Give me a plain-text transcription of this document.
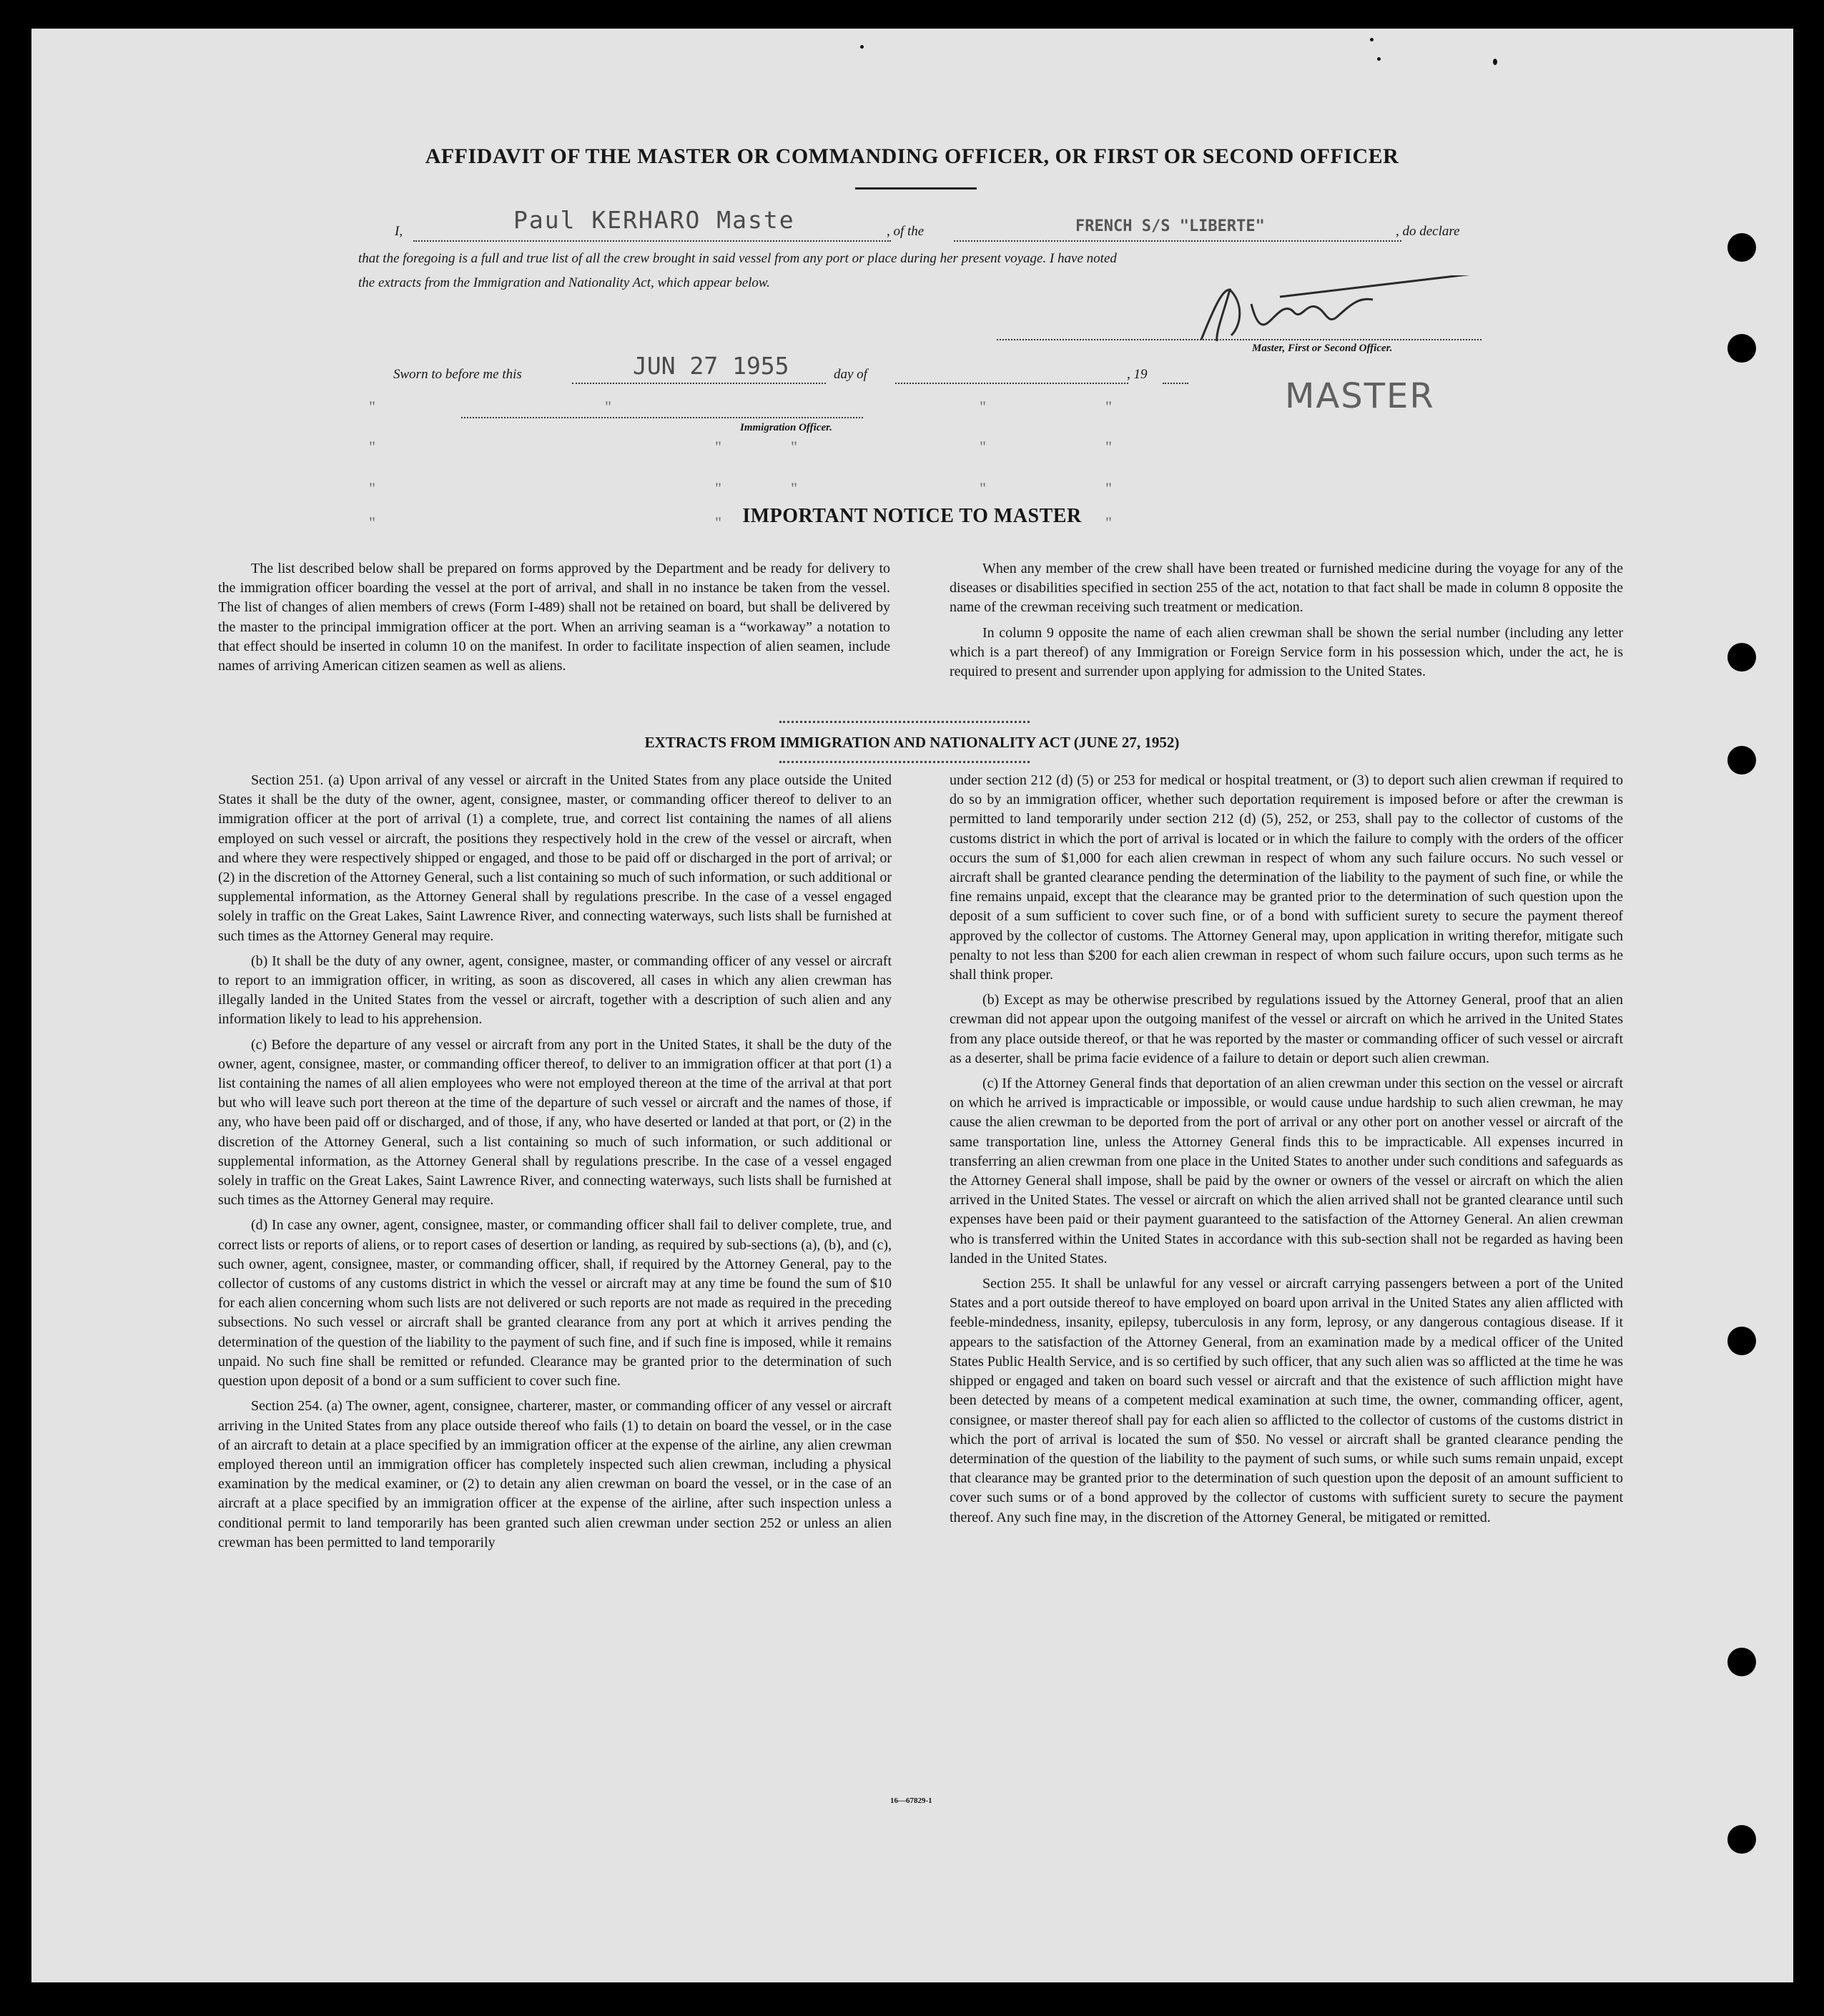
AFFIDAVIT OF THE MASTER OR COMMANDING OFFICER, OR FIRST OR SECOND OFFICER
I,	Paul KERHARO Maste	, of the	FRENCH S/S "LIBERTE"	, do declare
that the foregoing is a full and true list of all the crew brought in said vessel from any port or place during her present voyage. I have noted
the extracts from the Immigration and Nationality Act, which appear below.
Master, First or Second Officer.
MASTER
Sworn to before me this	JUN 27 1955	day of	, 19
Immigration Officer.
"
"
"
"
"
"
"
"
"
"
"
"
"
"
"
"
"
IMPORTANT NOTICE TO MASTER

The list described below shall be prepared on forms approved by the Department and be ready for delivery to the immigration officer boarding the vessel at the port of arrival, and shall in no instance be taken from the vessel. The list of changes of alien members of crews (Form I-489) shall not be retained on board, but shall be delivered by the master to the principal immigration officer at the port. When an arriving seaman is a “workaway” a notation to that effect should be inserted in column 10 on the manifest. In order to facilitate inspection of alien seamen, include names of arriving American citizen seamen as well as aliens.

When any member of the crew shall have been treated or furnished medicine during the voyage for any of the diseases or disabilities specified in section 255 of the act, notation to that fact shall be made in column 8 opposite the name of the crewman receiving such treatment or medication.

In column 9 opposite the name of each alien crewman shall be shown the serial number (including any letter which is a part thereof) of any Immigration or Foreign Service form in his possession which, under the act, he is required to present and surrender upon applying for admission to the United States.

EXTRACTS FROM IMMIGRATION AND NATIONALITY ACT (JUNE 27, 1952)

Section 251. (a) Upon arrival of any vessel or aircraft in the United States from any place outside the United States it shall be the duty of the owner, agent, consignee, master, or commanding officer thereof to deliver to an immigration officer at the port of arrival (1) a complete, true, and correct list containing the names of all aliens employed on such vessel or aircraft, the positions they respectively hold in the crew of the vessel or aircraft, when and where they were respectively shipped or engaged, and those to be paid off or discharged in the port of arrival; or (2) in the discretion of the Attorney General, such a list containing so much of such information, or such additional or supplemental information, as the Attorney General shall by regulations prescribe. In the case of a vessel engaged solely in traffic on the Great Lakes, Saint Lawrence River, and connecting waterways, such lists shall be furnished at such times as the Attorney General may require.

(b) It shall be the duty of any owner, agent, consignee, master, or commanding officer of any vessel or aircraft to report to an immigration officer, in writing, as soon as discovered, all cases in which any alien crewman has illegally landed in the United States from the vessel or aircraft, together with a description of such alien and any information likely to lead to his apprehension.

(c) Before the departure of any vessel or aircraft from any port in the United States, it shall be the duty of the owner, agent, consignee, master, or commanding officer thereof, to deliver to an immigration officer at that port (1) a list containing the names of all alien employees who were not employed thereon at the time of the arrival at that port but who will leave such port thereon at the time of the departure of such vessel or aircraft and the names of those, if any, who have been paid off or discharged, and of those, if any, who have deserted or landed at that port, or (2) in the discretion of the Attorney General, such a list containing so much of such information, or such additional or supplemental information, as the Attorney General shall by regulations prescribe. In the case of a vessel engaged solely in traffic on the Great Lakes, Saint Lawrence River, and connecting waterways, such lists shall be furnished at such times as the Attorney General may require.

(d) In case any owner, agent, consignee, master, or commanding officer shall fail to deliver complete, true, and correct lists or reports of aliens, or to report cases of desertion or landing, as required by sub-sections (a), (b), and (c), such owner, agent, consignee, master, or commanding officer, shall, if required by the Attorney General, pay to the collector of customs of any customs district in which the vessel or aircraft may at any time be found the sum of $10 for each alien concerning whom such lists are not delivered or such reports are not made as required in the preceding subsections. No such vessel or aircraft shall be granted clearance from any port at which it arrives pending the determination of the question of the liability to the payment of such fine, and if such fine is imposed, while it remains unpaid. No such fine shall be remitted or refunded. Clearance may be granted prior to the determination of such question upon deposit of a bond or a sum sufficient to cover such fine.

Section 254. (a) The owner, agent, consignee, charterer, master, or commanding officer of any vessel or aircraft arriving in the United States from any place outside thereof who fails (1) to detain on board the vessel, or in the case of an aircraft to detain at a place specified by an immigration officer at the expense of the airline, any alien crewman employed thereon until an immigration officer has completely inspected such alien crewman, including a physical examination by the medical examiner, or (2) to detain any alien crewman on board the vessel, or in the case of an aircraft at a place specified by an immigration officer at the expense of the airline, after such inspection unless a conditional permit to land temporarily has been granted such alien crewman under section 252 or unless an alien crewman has been permitted to land temporarily

under section 212 (d) (5) or 253 for medical or hospital treatment, or (3) to deport such alien crewman if required to do so by an immigration officer, whether such deportation requirement is imposed before or after the crewman is permitted to land temporarily under section 212 (d) (5), 252, or 253, shall pay to the collector of customs of the customs district in which the port of arrival is located or in which the failure to comply with the orders of the officer occurs the sum of $1,000 for each alien crewman in respect of whom any such failure occurs. No such vessel or aircraft shall be granted clearance pending the determination of the liability to the payment of such fine, or while the fine remains unpaid, except that the clearance may be granted prior to the determination of such question upon the deposit of a sum sufficient to cover such fine, or of a bond with sufficient surety to secure the payment thereof approved by the collector of customs. The Attorney General may, upon application in writing therefor, mitigate such penalty to not less than $200 for each alien crewman in respect of whom such failure occurs, upon such terms as he shall think proper.

(b) Except as may be otherwise prescribed by regulations issued by the Attorney General, proof that an alien crewman did not appear upon the outgoing manifest of the vessel or aircraft on which he arrived in the United States from any place outside thereof, or that he was reported by the master or commanding officer of such vessel or aircraft as a deserter, shall be prima facie evidence of a failure to detain or deport such alien crewman.

(c) If the Attorney General finds that deportation of an alien crewman under this section on the vessel or aircraft on which he arrived is impracticable or impossible, or would cause undue hardship to such alien crewman, he may cause the alien crewman to be deported from the port of arrival or any other port on another vessel or aircraft of the same transportation line, unless the Attorney General finds this to be impracticable. All expenses incurred in transferring an alien crewman from one place in the United States to another under such conditions and safeguards as the Attorney General shall impose, shall be paid by the owner or owners of the vessel or aircraft on which the alien arrived in the United States. The vessel or aircraft on which the alien arrived shall not be granted clearance until such expenses have been paid or their payment guaranteed to the satisfaction of the Attorney General. An alien crewman who is transferred within the United States in accordance with this sub-section shall not be regarded as having been landed in the United States.

Section 255. It shall be unlawful for any vessel or aircraft carrying passengers between a port of the United States and a port outside thereof to have employed on board upon arrival in the United States any alien afflicted with feeble-mindedness, insanity, epilepsy, tuberculosis in any form, leprosy, or any dangerous contagious disease. If it appears to the satisfaction of the Attorney General, from an examination made by a medical officer of the United States Public Health Service, and is so certified by such officer, that any such alien was so afflicted at the time he was shipped or engaged and taken on board such vessel or aircraft and that the existence of such affliction might have been detected by means of a competent medical examination at such time, the owner, commanding officer, agent, consignee, or master thereof shall pay for each alien so afflicted to the collector of customs of the customs district in which the port of arrival is located the sum of $50. No vessel or aircraft shall be granted clearance pending the determination of the question of the liability to the payment of such sums, or while such sums remain unpaid, except that clearance may be granted prior to the determination of such question upon the deposit of an amount sufficient to cover such sums or of a bond approved by the collector of customs with sufficient surety to secure the payment thereof. Any such fine may, in the discretion of the Attorney General, be mitigated or remitted.

16—67829-1
